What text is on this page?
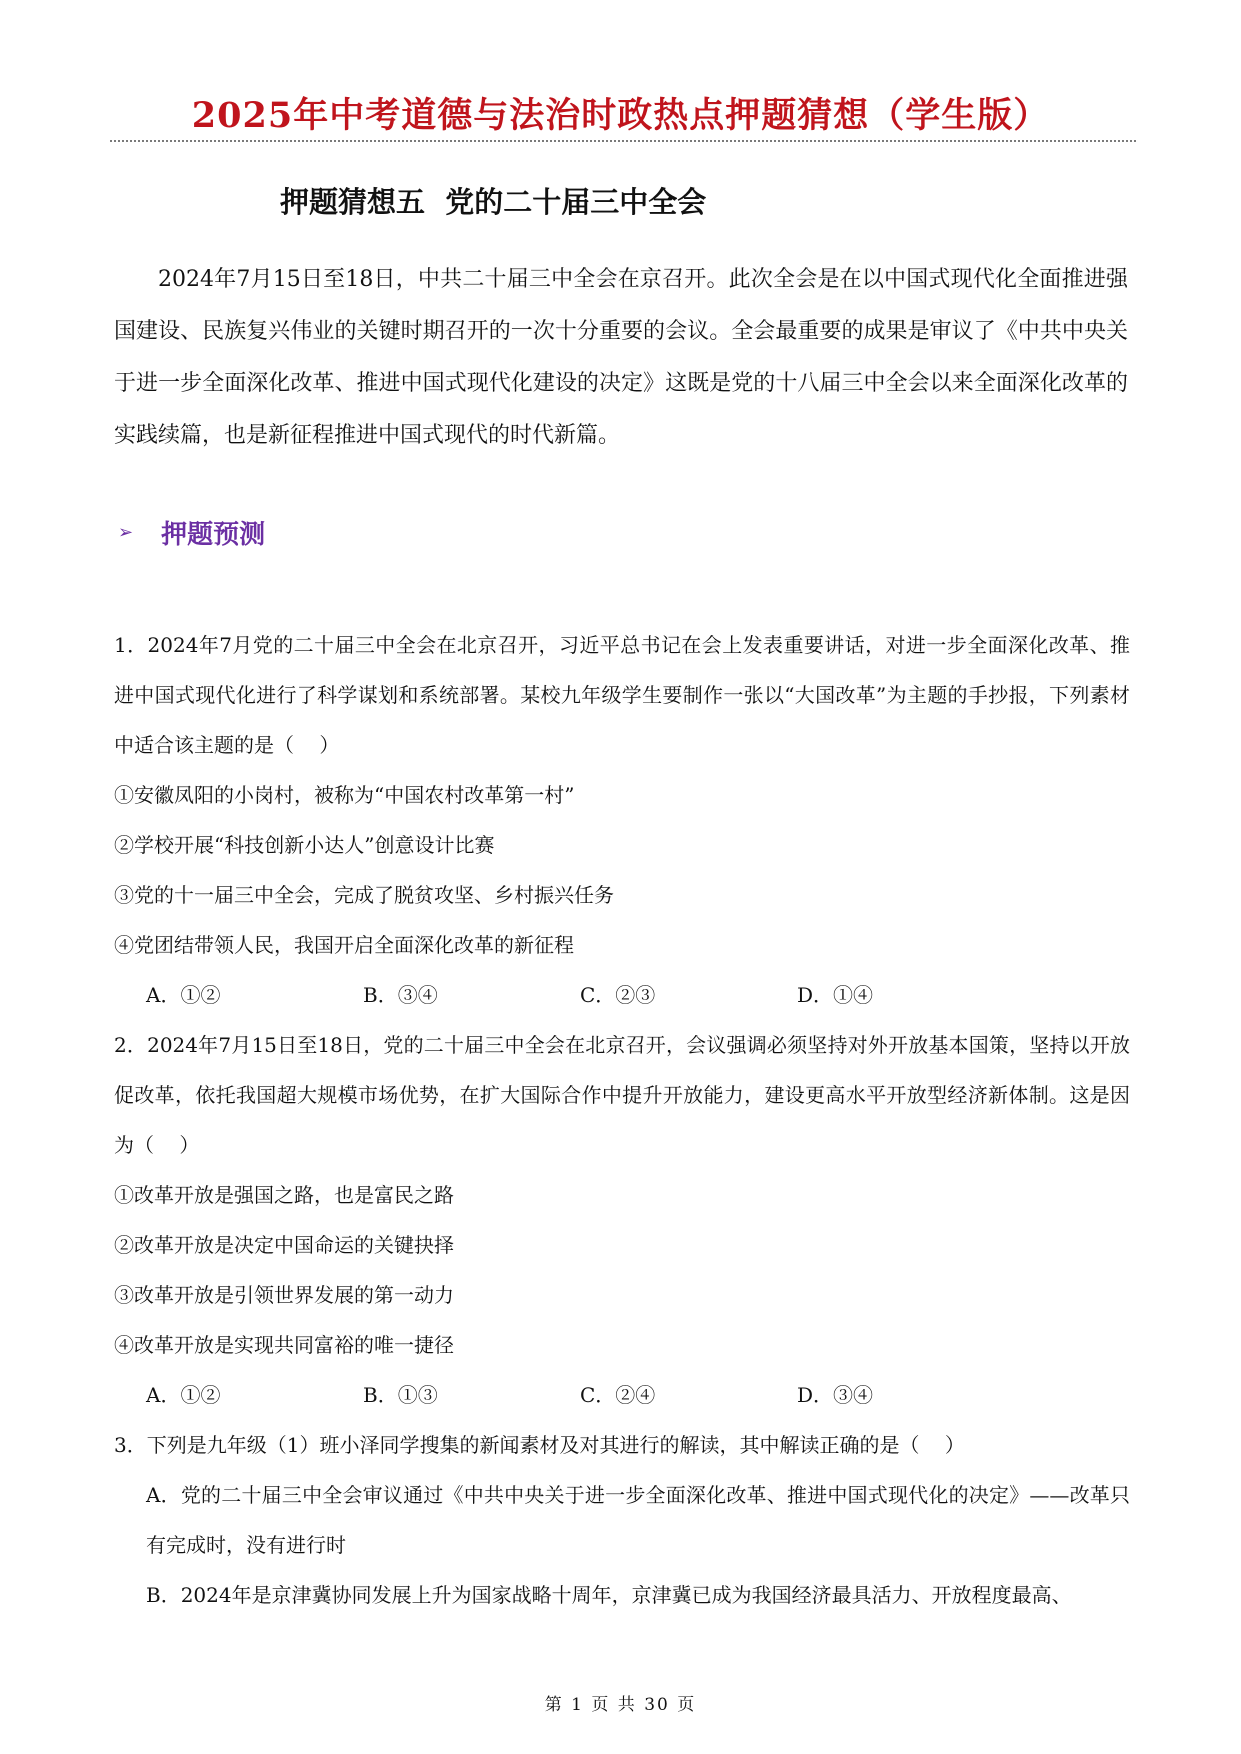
2025年中考道德与法治时政热点押题猜想（学生版）
押题猜想五  党的二十届三中全会

2024年7月15日至18日，中共二十届三中全会在京召开。此次全会是在以中国式现代化全面推进强国建设、民族复兴伟业的关键时期召开的一次十分重要的会议。全会最重要的成果是审议了《中共中央关于进一步全面深化改革、推进中国式现代化建设的决定》这既是党的十八届三中全会以来全面深化改革的实践续篇，也是新征程推进中国式现代的时代新篇。

➢ 押题预测

1．2024年7月党的二十届三中全会在北京召开，习近平总书记在会上发表重要讲话，对进一步全面深化改革、推进中国式现代化进行了科学谋划和系统部署。某校九年级学生要制作一张以“大国改革”为主题的手抄报，下列素材中适合该主题的是（    ）

①安徽凤阳的小岗村，被称为“中国农村改革第一村”

②学校开展“科技创新小达人”创意设计比赛

③党的十一届三中全会，完成了脱贫攻坚、乡村振兴任务

④党团结带领人民，我国开启全面深化改革的新征程

A．①②	B．③④	C．②③	D．①④

2．2024年7月15日至18日，党的二十届三中全会在北京召开，会议强调必须坚持对外开放基本国策，坚持以开放促改革，依托我国超大规模市场优势，在扩大国际合作中提升开放能力，建设更高水平开放型经济新体制。这是因为（    ）

①改革开放是强国之路，也是富民之路

②改革开放是决定中国命运的关键抉择

③改革开放是引领世界发展的第一动力

④改革开放是实现共同富裕的唯一捷径

A．①②	B．①③	C．②④	D．③④

3．下列是九年级（1）班小泽同学搜集的新闻素材及对其进行的解读，其中解读正确的是（    ）

A．党的二十届三中全会审议通过《中共中央关于进一步全面深化改革、推进中国式现代化的决定》——改革只有完成时，没有进行时

B．2024年是京津冀协同发展上升为国家战略十周年，京津冀已成为我国经济最具活力、开放程度最高、

第 1 页 共 30 页
